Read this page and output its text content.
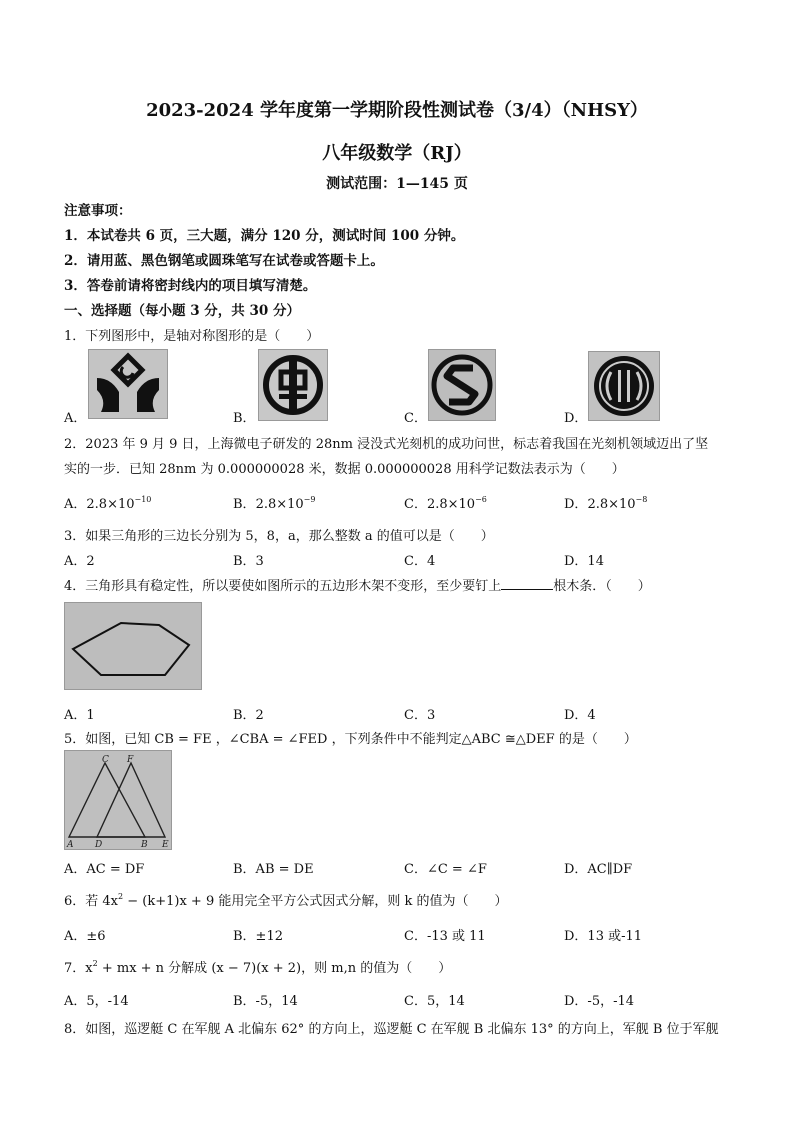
2023-2024 学年度第一学期阶段性测试卷（3/4）（NHSY）
八年级数学（RJ）
测试范围：1—145 页
注意事项：
1．本试卷共 6 页，三大题，满分 120 分，测试时间 100 分钟。
2．请用蓝、黑色钢笔或圆珠笔写在试卷或答题卡上。
3．答卷前请将密封线内的项目填写清楚。
一、选择题（每小题 3 分，共 30 分）
1．下列图形中，是轴对称图形的是（　　）
A．	B．	C．	D．
2．2023 年 9 月 9 日，上海微电子研发的 28nm 浸没式光刻机的成功问世，标志着我国在光刻机领域迈出了坚
实的一步．已知 28nm 为 0.000000028 米，数据 0.000000028 用科学记数法表示为（　　）
A．$2.8\times 10^{-10}$	B．$2.8\times 10^{-9}$	C．$2.8\times 10^{-6}$	D．$2.8\times 10^{-8}$
3．如果三角形的三边长分别为 5，8，a，那么整数 a 的值可以是（　　）
A．2	B．3	C．4	D．14
4．三角形具有稳定性，所以要使如图所示的五边形木架不变形，至少要钉上	根木条．（　　）
A．1	B．2	C．3	D．4
5．如图，已知 CB = FE ，∠CBA = ∠FED ，下列条件中不能判定△ABC ≅△DEF 的是（　　）
C F
A D	B E
A．AC = DF	B．AB = DE	C．∠C = ∠F	D．AC∥DF
6．若 $4x^2 - (k+1)x + 9$ 能用完全平方公式因式分解，则 k 的值为（　　）
A．±6	B．±12	C．-13 或 11	D．13 或-11
7．$x^2$ + mx + n 分解成 (x − 7)(x + 2)，则 m,n 的值为（　　）
A．5，-14	B．-5，14	C．5，14	D．-5，-14
8．如图，巡逻艇 C 在军舰 A 北偏东 62° 的方向上，巡逻艇 C 在军舰 B 北偏东 13° 的方向上，军舰 B 位于军舰
